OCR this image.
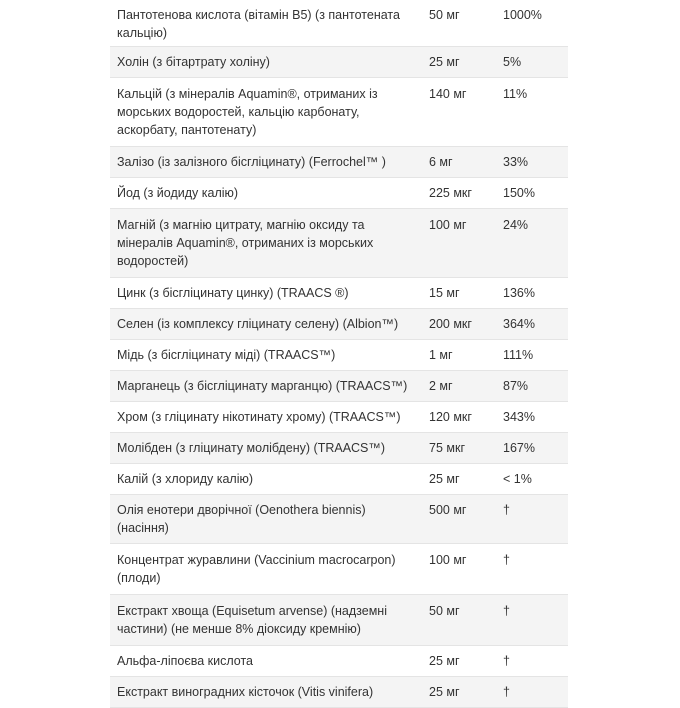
Пантотенова кислота (вітамін B5) (з пантотената кальцію)	50 мг	1000%
Холін (з бітартрату холіну)	25 мг	5%
Кальцій (з мінералів Aquamin®, отриманих із морських водоростей, кальцію карбонату, аскорбату, пантотенату)	140 мг	11%
Залізо (із залізного бісгліцинату) (Ferrochel™ )	6 мг	33%
Йод (з йодиду калію)	225 мкг	150%
Магній (з магнію цитрату, магнію оксиду та мінералів Aquamin®, отриманих із морських водоростей)	100 мг	24%
Цинк (з бісгліцинату цинку) (TRAACS ®)	15 мг	136%
Селен (із комплексу гліцинату селену) (Albion™)	200 мкг	364%
Мідь (з бісгліцинату міді) (TRAACS™)	1 мг	111%
Марганець (з бісгліцинату марганцю) (TRAACS™)	2 мг	87%
Хром (з гліцинату нікотинату хрому) (TRAACS™)	120 мкг	343%
Молібден (з гліцинату молібдену) (TRAACS™)	75 мкг	167%
Калій (з хлориду калію)	25 мг	< 1%
Олія енотери дворічної (Oenothera biennis) (насіння)	500 мг	†
Концентрат журавлини (Vaccinium macrocarpon) (плоди)	100 мг	†
Екстракт хвоща (Equisetum arvense) (надземні частини) (не менше 8% діоксиду кремнію)	50 мг	†
Альфа-ліпоєва кислота	25 мг	†
Екстракт виноградних кісточок (Vitis vinifera)	25 мг	†
